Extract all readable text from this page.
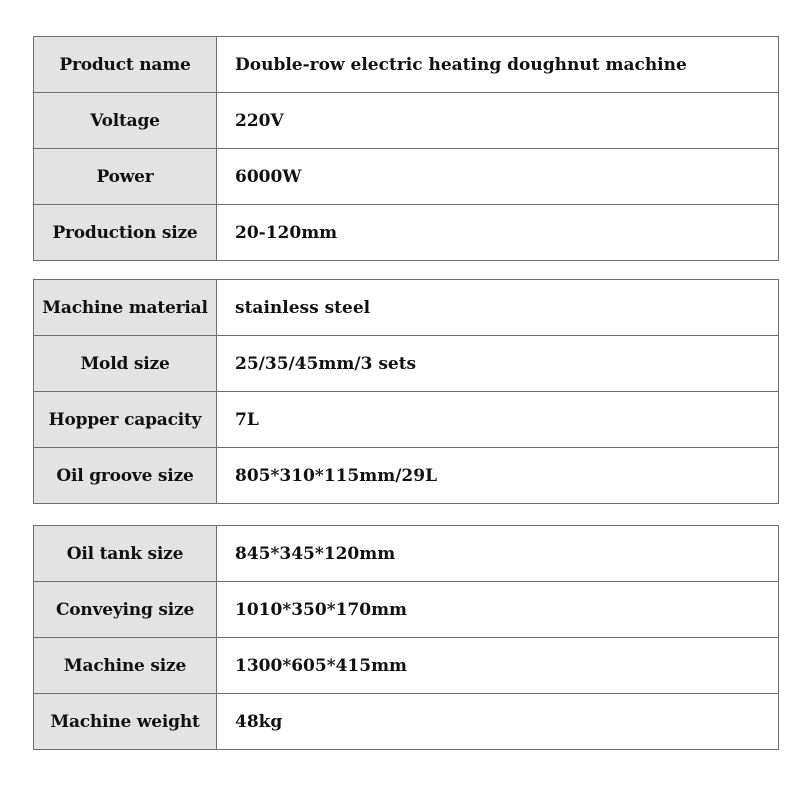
Product name	Double-row electric heating doughnut machine
Voltage	220V
Power	6000W
Production size	20-120mm
Machine material	stainless steel
Mold size	25/35/45mm/3 sets
Hopper capacity	7L
Oil groove size	805*310*115mm/29L
Oil tank size	845*345*120mm
Conveying size	1010*350*170mm
Machine size	1300*605*415mm
Machine weight	48kg
